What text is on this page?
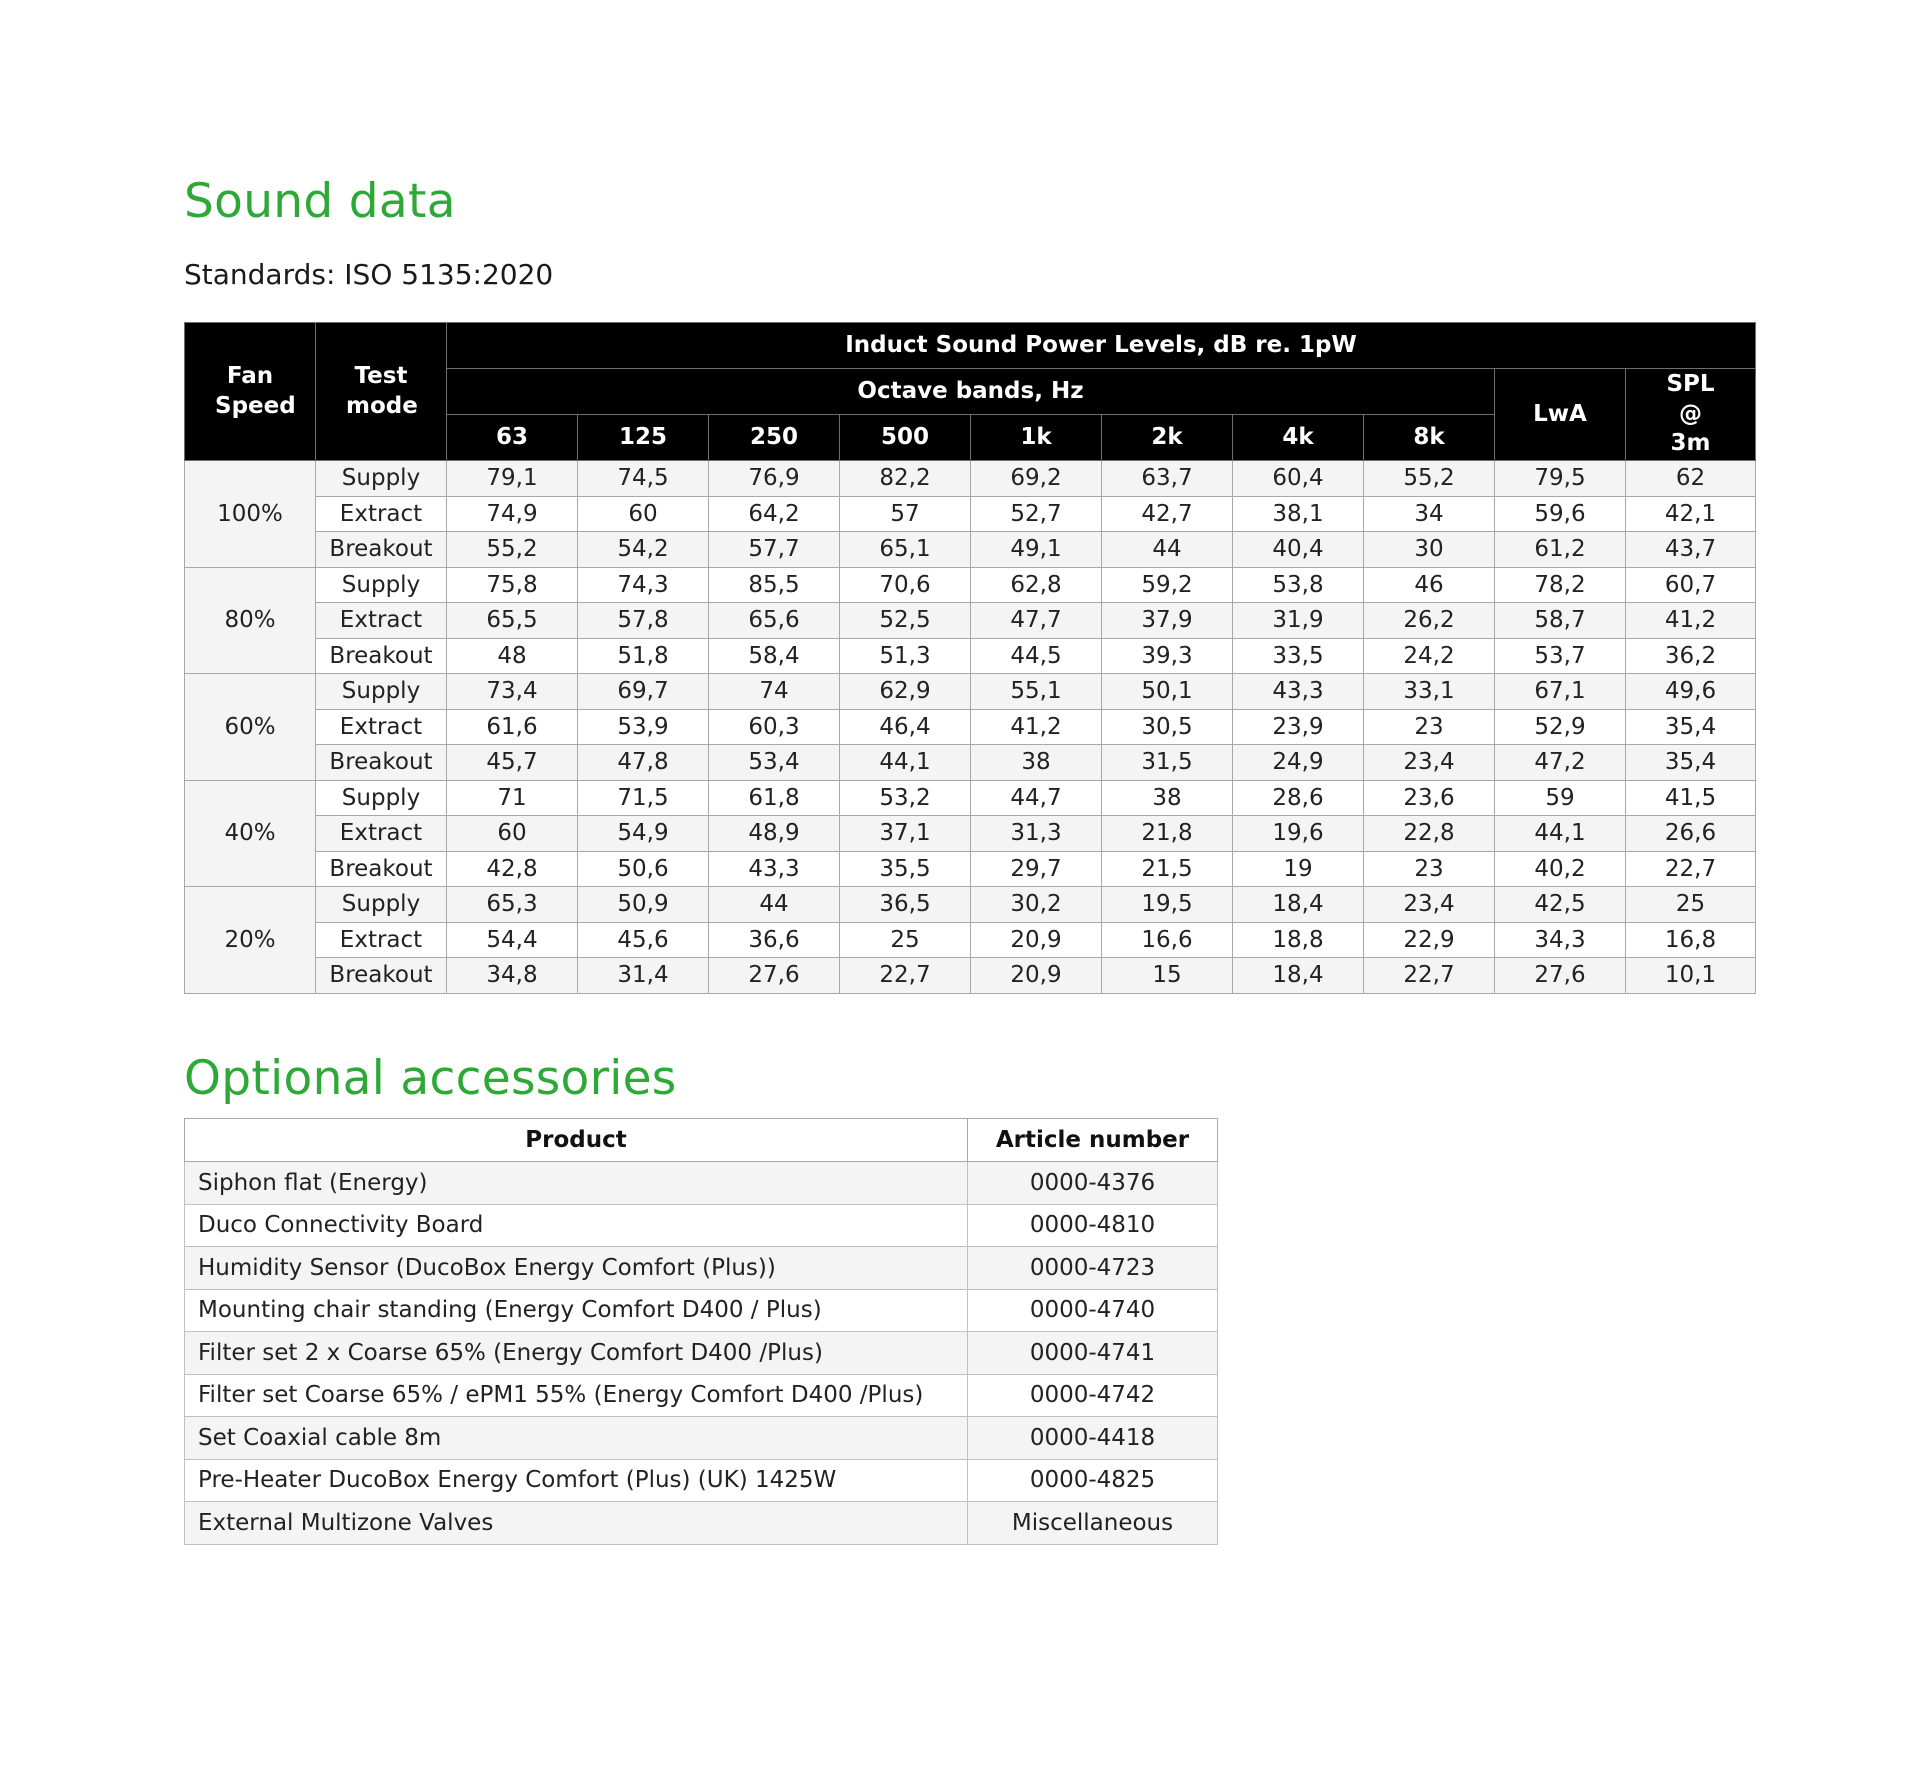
Sound data

Standards: ISO 5135:2020

Fan Speed	Test mode	Induct Sound Power Levels, dB re. 1pW									
		Octave bands, Hz								LwA	SPL @ 3m
		63	125	250	500	1k	2k	4k	8k		
100%	Supply	79,1	74,5	76,9	82,2	69,2	63,7	60,4	55,2	79,5	62
	Extract	74,9	60	64,2	57	52,7	42,7	38,1	34	59,6	42,1
	Breakout	55,2	54,2	57,7	65,1	49,1	44	40,4	30	61,2	43,7
80%	Supply	75,8	74,3	85,5	70,6	62,8	59,2	53,8	46	78,2	60,7
	Extract	65,5	57,8	65,6	52,5	47,7	37,9	31,9	26,2	58,7	41,2
	Breakout	48	51,8	58,4	51,3	44,5	39,3	33,5	24,2	53,7	36,2
60%	Supply	73,4	69,7	74	62,9	55,1	50,1	43,3	33,1	67,1	49,6
	Extract	61,6	53,9	60,3	46,4	41,2	30,5	23,9	23	52,9	35,4
	Breakout	45,7	47,8	53,4	44,1	38	31,5	24,9	23,4	47,2	35,4
40%	Supply	71	71,5	61,8	53,2	44,7	38	28,6	23,6	59	41,5
	Extract	60	54,9	48,9	37,1	31,3	21,8	19,6	22,8	44,1	26,6
	Breakout	42,8	50,6	43,3	35,5	29,7	21,5	19	23	40,2	22,7
20%	Supply	65,3	50,9	44	36,5	30,2	19,5	18,4	23,4	42,5	25
	Extract	54,4	45,6	36,6	25	20,9	16,6	18,8	22,9	34,3	16,8
	Breakout	34,8	31,4	27,6	22,7	20,9	15	18,4	22,7	27,6	10,1
Optional accessories
Product	Article number
Siphon flat (Energy)	0000-4376
Duco Connectivity Board	0000-4810
Humidity Sensor (DucoBox Energy Comfort (Plus))	0000-4723
Mounting chair standing (Energy Comfort D400 / Plus)	0000-4740
Filter set 2 x Coarse 65% (Energy Comfort D400 /Plus)	0000-4741
Filter set Coarse 65% / ePM1 55% (Energy Comfort D400 /Plus)	0000-4742
Set Coaxial cable 8m	0000-4418
Pre-Heater DucoBox Energy Comfort (Plus) (UK) 1425W	0000-4825
External Multizone Valves	Miscellaneous
